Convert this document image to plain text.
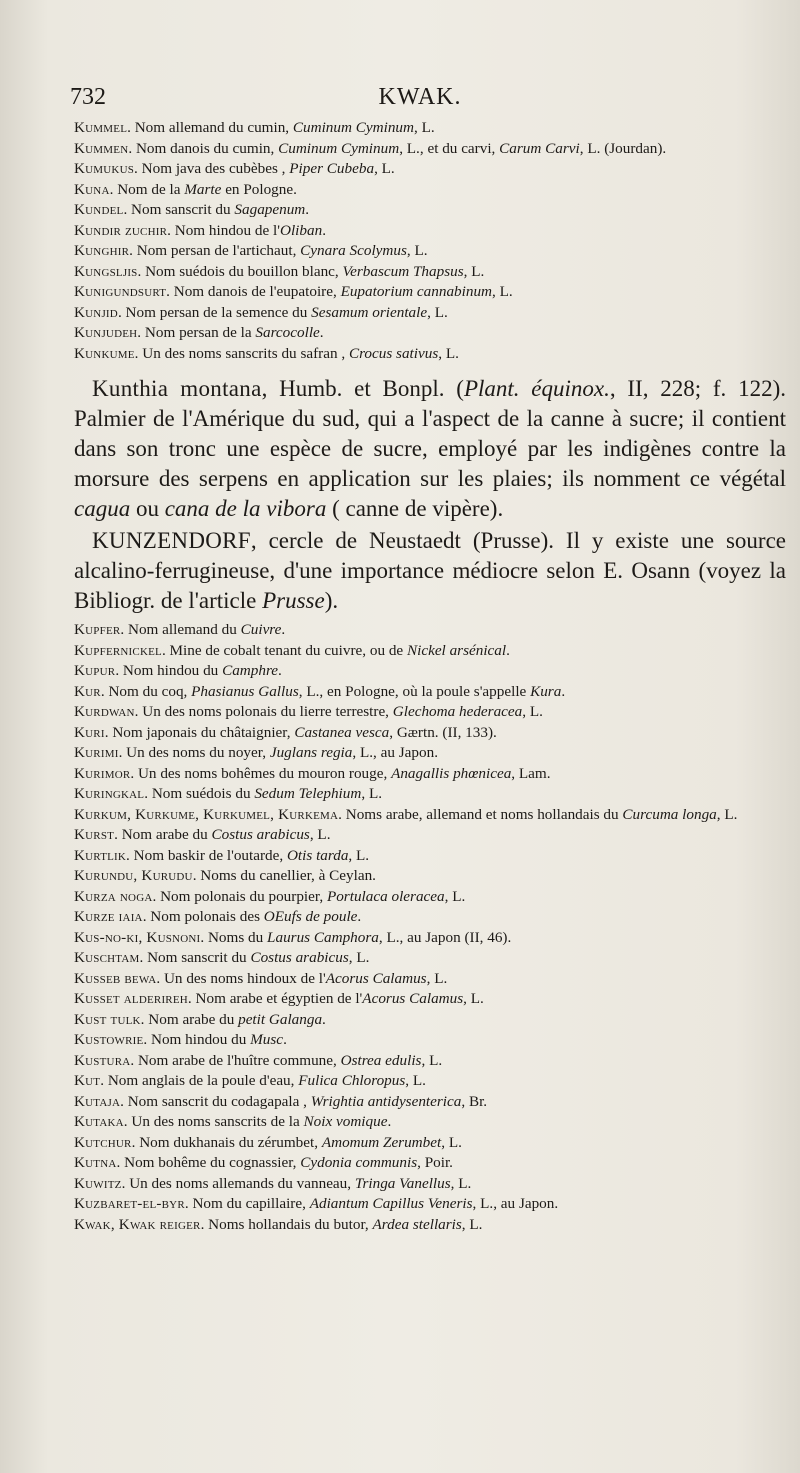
732	KWAK.

Kummel. Nom allemand du cumin, Cuminum Cyminum, L.

Kummen. Nom danois du cumin, Cuminum Cyminum, L., et du carvi, Carum Carvi, L. (Jourdan).

Kumukus. Nom java des cubèbes , Piper Cubeba, L.

Kuna. Nom de la Marte en Pologne.

Kundel. Nom sanscrit du Sagapenum.

Kundir zuchir. Nom hindou de l'Oliban.

Kunghir. Nom persan de l'artichaut, Cynara Scolymus, L.

Kungsljis. Nom suédois du bouillon blanc, Verbascum Thapsus, L.

Kunigundsurt. Nom danois de l'eupatoire, Eupatorium cannabinum, L.

Kunjid. Nom persan de la semence du Sesamum orientale, L.

Kunjudeh. Nom persan de la Sarcocolle.

Kunkume. Un des noms sanscrits du safran , Crocus sativus, L.

Kunthia montana, Humb. et Bonpl. (Plant. équinox., II, 228; f. 122). Palmier de l'Amérique du sud, qui a l'aspect de la canne à sucre; il contient dans son tronc une espèce de sucre, employé par les indigènes contre la morsure des serpens en application sur les plaies; ils nomment ce végétal cagua ou cana de la vibora ( canne de vipère).

KUNZENDORF, cercle de Neustaedt (Prusse). Il y existe une source alcalino-ferrugineuse, d'une importance médiocre selon E. Osann (voyez la Bibliogr. de l'article Prusse).

Kupfer. Nom allemand du Cuivre.

Kupfernickel. Mine de cobalt tenant du cuivre, ou de Nickel arsénical.

Kupur. Nom hindou du Camphre.

Kur. Nom du coq, Phasianus Gallus, L., en Pologne, où la poule s'appelle Kura.

Kurdwan. Un des noms polonais du lierre terrestre, Glechoma hederacea, L.

Kuri. Nom japonais du châtaignier, Castanea vesca, Gærtn. (II, 133).

Kurimi. Un des noms du noyer, Juglans regia, L., au Japon.

Kurimor. Un des noms bohêmes du mouron rouge, Anagallis phœnicea, Lam.

Kuringkal. Nom suédois du Sedum Telephium, L.

Kurkum, Kurkume, Kurkumel, Kurkema. Noms arabe, allemand et noms hollandais du Curcuma longa, L.

Kurst. Nom arabe du Costus arabicus, L.

Kurtlik. Nom baskir de l'outarde, Otis tarda, L.

Kurundu, Kurudu. Noms du canellier, à Ceylan.

Kurza noga. Nom polonais du pourpier, Portulaca oleracea, L.

Kurze iaia. Nom polonais des OEufs de poule.

Kus-no-ki, Kusnoni. Noms du Laurus Camphora, L., au Japon (II, 46).

Kuschtam. Nom sanscrit du Costus arabicus, L.

Kusseb bewa. Un des noms hindoux de l'Acorus Calamus, L.

Kusset alderireh. Nom arabe et égyptien de l'Acorus Calamus, L.

Kust tulk. Nom arabe du petit Galanga.

Kustowrie. Nom hindou du Musc.

Kustura. Nom arabe de l'huître commune, Ostrea edulis, L.

Kut. Nom anglais de la poule d'eau, Fulica Chloropus, L.

Kutaja. Nom sanscrit du codagapala , Wrightia antidysenterica, Br.

Kutaka. Un des noms sanscrits de la Noix vomique.

Kutchur. Nom dukhanais du zérumbet, Amomum Zerumbet, L.

Kutna. Nom bohême du cognassier, Cydonia communis, Poir.

Kuwitz. Un des noms allemands du vanneau, Tringa Vanellus, L.

Kuzbaret-el-byr. Nom du capillaire, Adiantum Capillus Veneris, L., au Japon.

Kwak, Kwak reiger. Noms hollandais du butor, Ardea stellaris, L.
